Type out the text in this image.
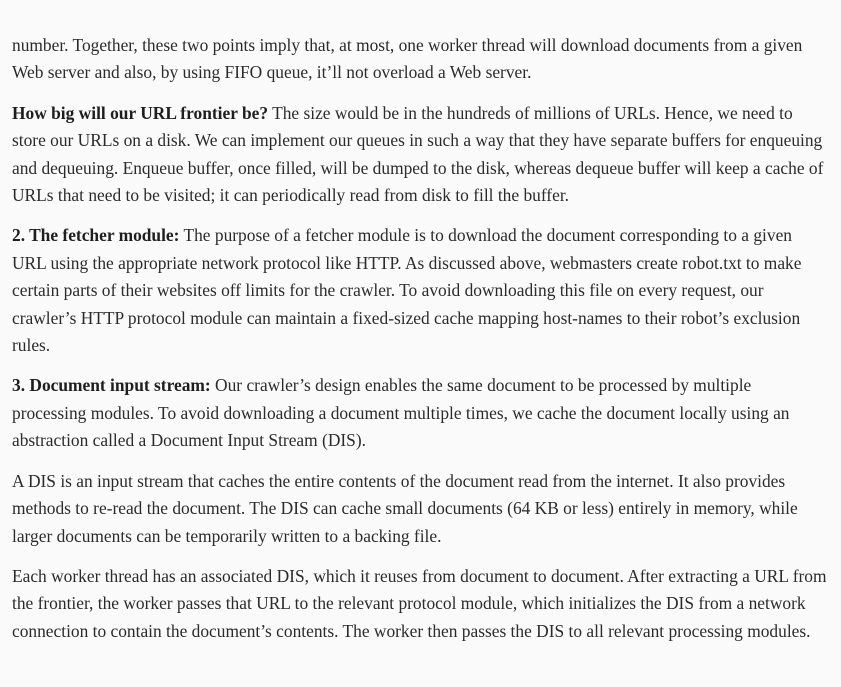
number. Together, these two points imply that, at most, one worker thread will download documents from a given Web server and also, by using FIFO queue, it’ll not overload a Web server.

How big will our URL frontier be? The size would be in the hundreds of millions of URLs. Hence, we need to store our URLs on a disk. We can implement our queues in such a way that they have separate buffers for enqueuing and dequeuing. Enqueue buffer, once filled, will be dumped to the disk, whereas dequeue buffer will keep a cache of URLs that need to be visited; it can periodically read from disk to fill the buffer.

2. The fetcher module: The purpose of a fetcher module is to download the document corresponding to a given URL using the appropriate network protocol like HTTP. As discussed above, webmasters create robot.txt to make certain parts of their websites off limits for the crawler. To avoid downloading this file on every request, our crawler’s HTTP protocol module can maintain a fixed-sized cache mapping host-names to their robot’s exclusion rules.

3. Document input stream: Our crawler’s design enables the same document to be processed by multiple processing modules. To avoid downloading a document multiple times, we cache the document locally using an abstraction called a Document Input Stream (DIS).

A DIS is an input stream that caches the entire contents of the document read from the internet. It also provides methods to re-read the document. The DIS can cache small documents (64 KB or less) entirely in memory, while larger documents can be temporarily written to a backing file.

Each worker thread has an associated DIS, which it reuses from document to document. After extracting a URL from the frontier, the worker passes that URL to the relevant protocol module, which initializes the DIS from a network connection to contain the document’s contents. The worker then passes the DIS to all relevant processing modules.
